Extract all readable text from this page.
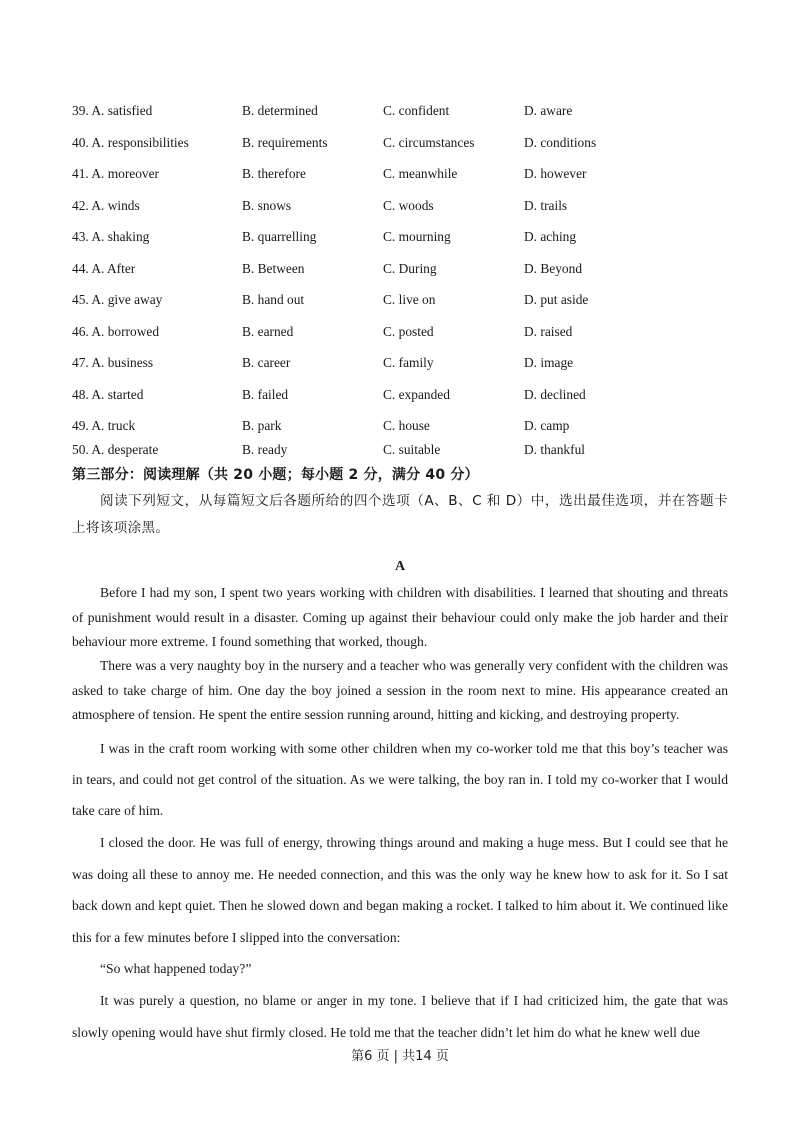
39. A. satisfied	B. determined	C. confident	D. aware
40. A. responsibilities	B. requirements	C. circumstances	D. conditions
41. A. moreover	B. therefore	C. meanwhile	D. however
42. A. winds	B. snows	C. woods	D. trails
43. A. shaking	B. quarrelling	C. mourning	D. aching
44. A. After	B. Between	C. During	D. Beyond
45. A. give away	B. hand out	C. live on	D. put aside
46. A. borrowed	B. earned	C. posted	D. raised
47. A. business	B. career	C. family	D. image
48. A. started	B. failed	C. expanded	D. declined
49. A. truck	B. park	C. house	D. camp
50. A. desperate	B. ready	C. suitable	D. thankful
第三部分：阅读理解（共 20 小题；每小题 2 分，满分 40 分）
阅读下列短文，从每篇短文后各题所给的四个选项（A、B、C 和 D）中，选出最佳选项，并在答题卡上将该项涂黑。
A
Before I had my son, I spent two years working with children with disabilities. I learned that shouting and threats of punishment would result in a disaster. Coming up against their behaviour could only make the job harder and their behaviour more extreme. I found something that worked, though.
There was a very naughty boy in the nursery and a teacher who was generally very confident with the children was asked to take charge of him. One day the boy joined a session in the room next to mine. His appearance created an atmosphere of tension. He spent the entire session running around, hitting and kicking, and destroying property.
I was in the craft room working with some other children when my co-worker told me that this boy’s teacher was in tears, and could not get control of the situation. As we were talking, the boy ran in. I told my co-worker that I would take care of him.
I closed the door. He was full of energy, throwing things around and making a huge mess. But I could see that he was doing all these to annoy me. He needed connection, and this was the only way he knew how to ask for it. So I sat back down and kept quiet. Then he slowed down and began making a rocket. I talked to him about it. We continued like this for a few minutes before I slipped into the conversation:
“So what happened today?”
It was purely a question, no blame or anger in my tone. I believe that if I had criticized him, the gate that was slowly opening would have shut firmly closed. He told me that the teacher didn’t let him do what he knew well due
第6 页 | 共14 页
